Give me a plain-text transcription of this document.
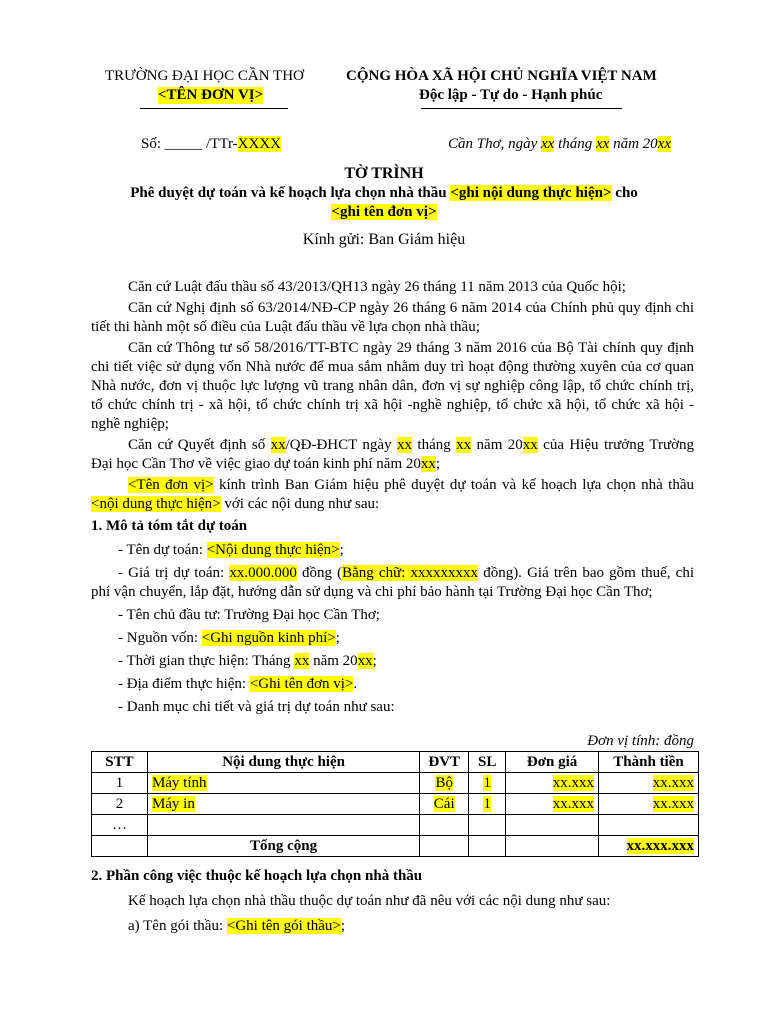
TRƯỜNG ĐẠI HỌC CẦN THƠ
<TÊN ĐƠN VỊ>
CỘNG HÒA XÃ HỘI CHỦ NGHĨA VIỆT NAM
Độc lập - Tự do - Hạnh phúc
Số: _____ /TTr-XXXX	Cần Thơ, ngày xx tháng xx năm 20xx
TỜ TRÌNH
Phê duyệt dự toán và kế hoạch lựa chọn nhà thầu <ghi nội dung thực hiện> cho
<ghi tên đơn vị>
Kính gửi: Ban Giám hiệu

Căn cứ Luật đấu thầu số 43/2013/QH13 ngày 26 tháng 11 năm 2013 của Quốc hội;

Căn cứ Nghị định số 63/2014/NĐ-CP ngày 26 tháng 6 năm 2014 của Chính phủ quy định chi tiết thi hành một số điều của Luật đấu thầu về lựa chọn nhà thầu;

Căn cứ Thông tư số 58/2016/TT-BTC ngày 29 tháng 3 năm 2016 của Bộ Tài chính quy định chi tiết việc sử dụng vốn Nhà nước để mua sắm nhằm duy trì hoạt động thường xuyên của cơ quan Nhà nước, đơn vị thuộc lực lượng vũ trang nhân dân, đơn vị sự nghiệp công lập, tổ chức chính trị, tổ chức chính trị - xã hội, tổ chức chính trị xã hội -nghề nghiệp, tổ chức xã hội, tổ chức xã hội - nghề nghiệp;

Căn cứ Quyết định số xx/QĐ-ĐHCT ngày xx tháng xx năm 20xx của Hiệu trưởng Trường Đại học Cần Thơ về việc giao dự toán kinh phí năm 20xx;

<Tên đơn vị> kính trình Ban Giám hiệu phê duyệt dự toán và kế hoạch lựa chọn nhà thầu <nội dung thực hiện> với các nội dung như sau:

1. Mô tả tóm tắt dự toán

- Tên dự toán: <Nội dung thực hiện>;

- Giá trị dự toán: xx.000.000 đồng (Bằng chữ: xxxxxxxxx đồng). Giá trên bao gồm thuế, chi phí vận chuyển, lắp đặt, hướng dẫn sử dụng và chi phí bảo hành tại Trường Đại học Cần Thơ;

- Tên chủ đầu tư: Trường Đại học Cần Thơ;

- Nguồn vốn: <Ghi nguồn kinh phí>;

- Thời gian thực hiện: Tháng xx năm 20xx;

- Địa điểm thực hiện: <Ghi tên đơn vị>.

- Danh mục chi tiết và giá trị dự toán như sau:

Đơn vị tính: đồng
STT	Nội dung thực hiện	ĐVT	SL	Đơn giá	Thành tiền
1	Máy tính	Bộ	1	xx.xxx	xx.xxx
2	Máy in	Cái	1	xx.xxx	xx.xxx
…					
	Tổng cộng				xx.xxx.xxx

2. Phần công việc thuộc kế hoạch lựa chọn nhà thầu

Kế hoạch lựa chọn nhà thầu thuộc dự toán như đã nêu với các nội dung như sau:

a) Tên gói thầu: <Ghi tên gói thầu>;
